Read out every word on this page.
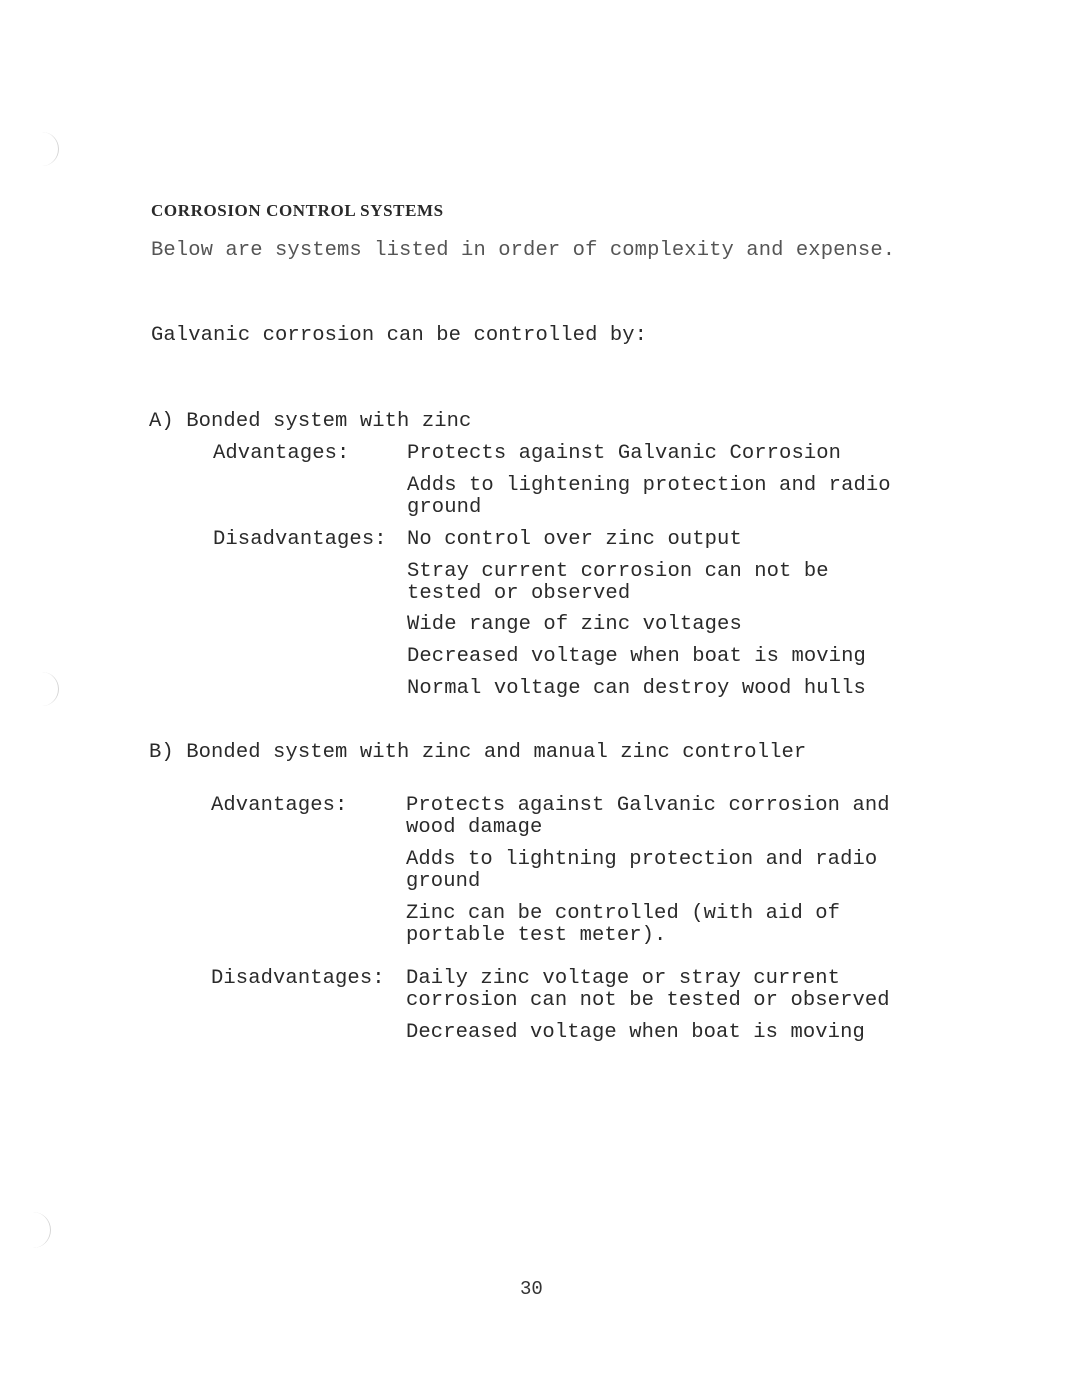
CORROSION CONTROL SYSTEMS
Below are systems listed in order of complexity and expense.
Galvanic corrosion can be controlled by:
A) Bonded system with zinc
Advantages:	Protects against Galvanic Corrosion
Adds to lightening protection and radio
ground
Disadvantages: No control over zinc output
Stray current corrosion can not be
tested or observed
Wide range of zinc voltages
Decreased voltage when boat is moving
Normal voltage can destroy wood hulls
B) Bonded system with zinc and manual zinc controller
Advantages:	Protects against Galvanic corrosion and
wood damage
Adds to lightning protection and radio
ground
Zinc can be controlled (with aid of
portable test meter).
Disadvantages: Daily zinc voltage or stray current
corrosion can not be tested or observed
Decreased voltage when boat is moving
30
